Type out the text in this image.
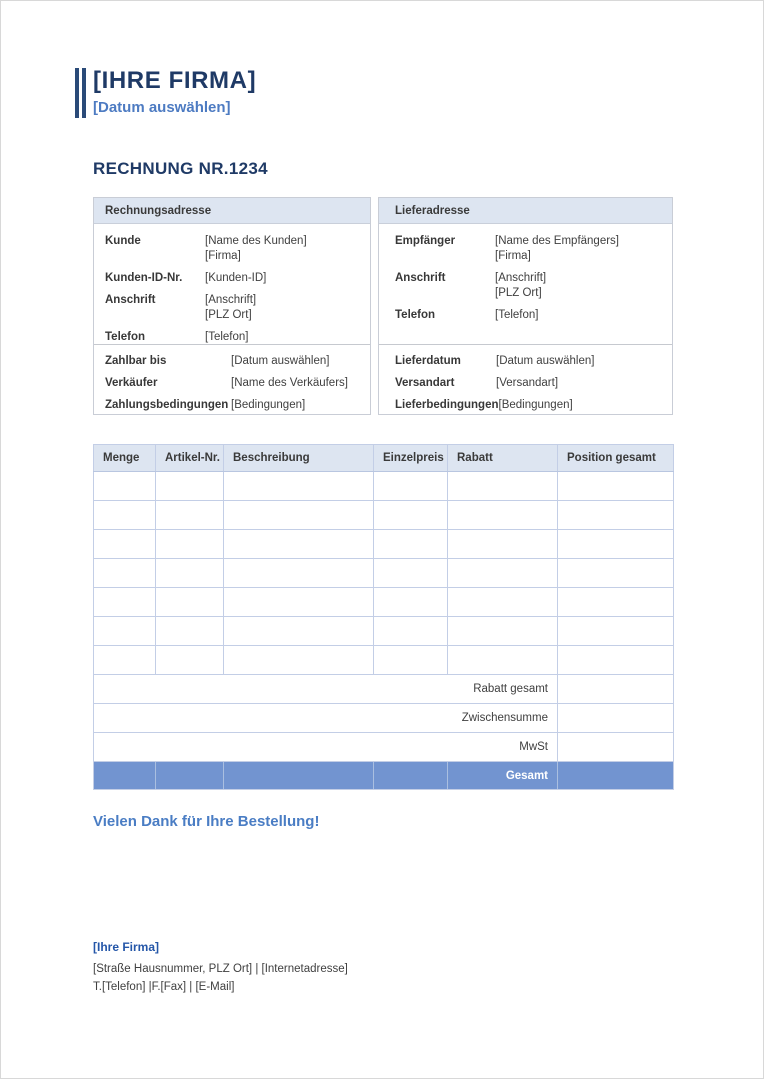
[IHRE FIRMA]
[Datum auswählen]
RECHNUNG NR.1234
Rechnungsadresse
Kunde	[Name des Kunden]
[Firma]
Kunden-ID-Nr.	[Kunden-ID]
Anschrift	[Anschrift]
[PLZ Ort]
Telefon	[Telefon]
Zahlbar bis	[Datum auswählen]
Verkäufer	[Name des Verkäufers]
Zahlungsbedingungen [Bedingungen]
Lieferadresse
Empfänger	[Name des Empfängers]
[Firma]
Anschrift	[Anschrift]
[PLZ Ort]
Telefon	[Telefon]
Lieferdatum	[Datum auswählen]
Versandart	[Versandart]
Lieferbedingungen [Bedingungen]
Menge	Artikel-Nr.	Beschreibung	Einzelpreis	Rabatt	Position gesamt

Rabatt gesamt					
Zwischensumme					
MwSt					
				Gesamt	
Vielen Dank für Ihre Bestellung!
[Ihre Firma]
[Straße Hausnummer, PLZ Ort] | [Internetadresse]
T.[Telefon] |F.[Fax] | [E-Mail]
